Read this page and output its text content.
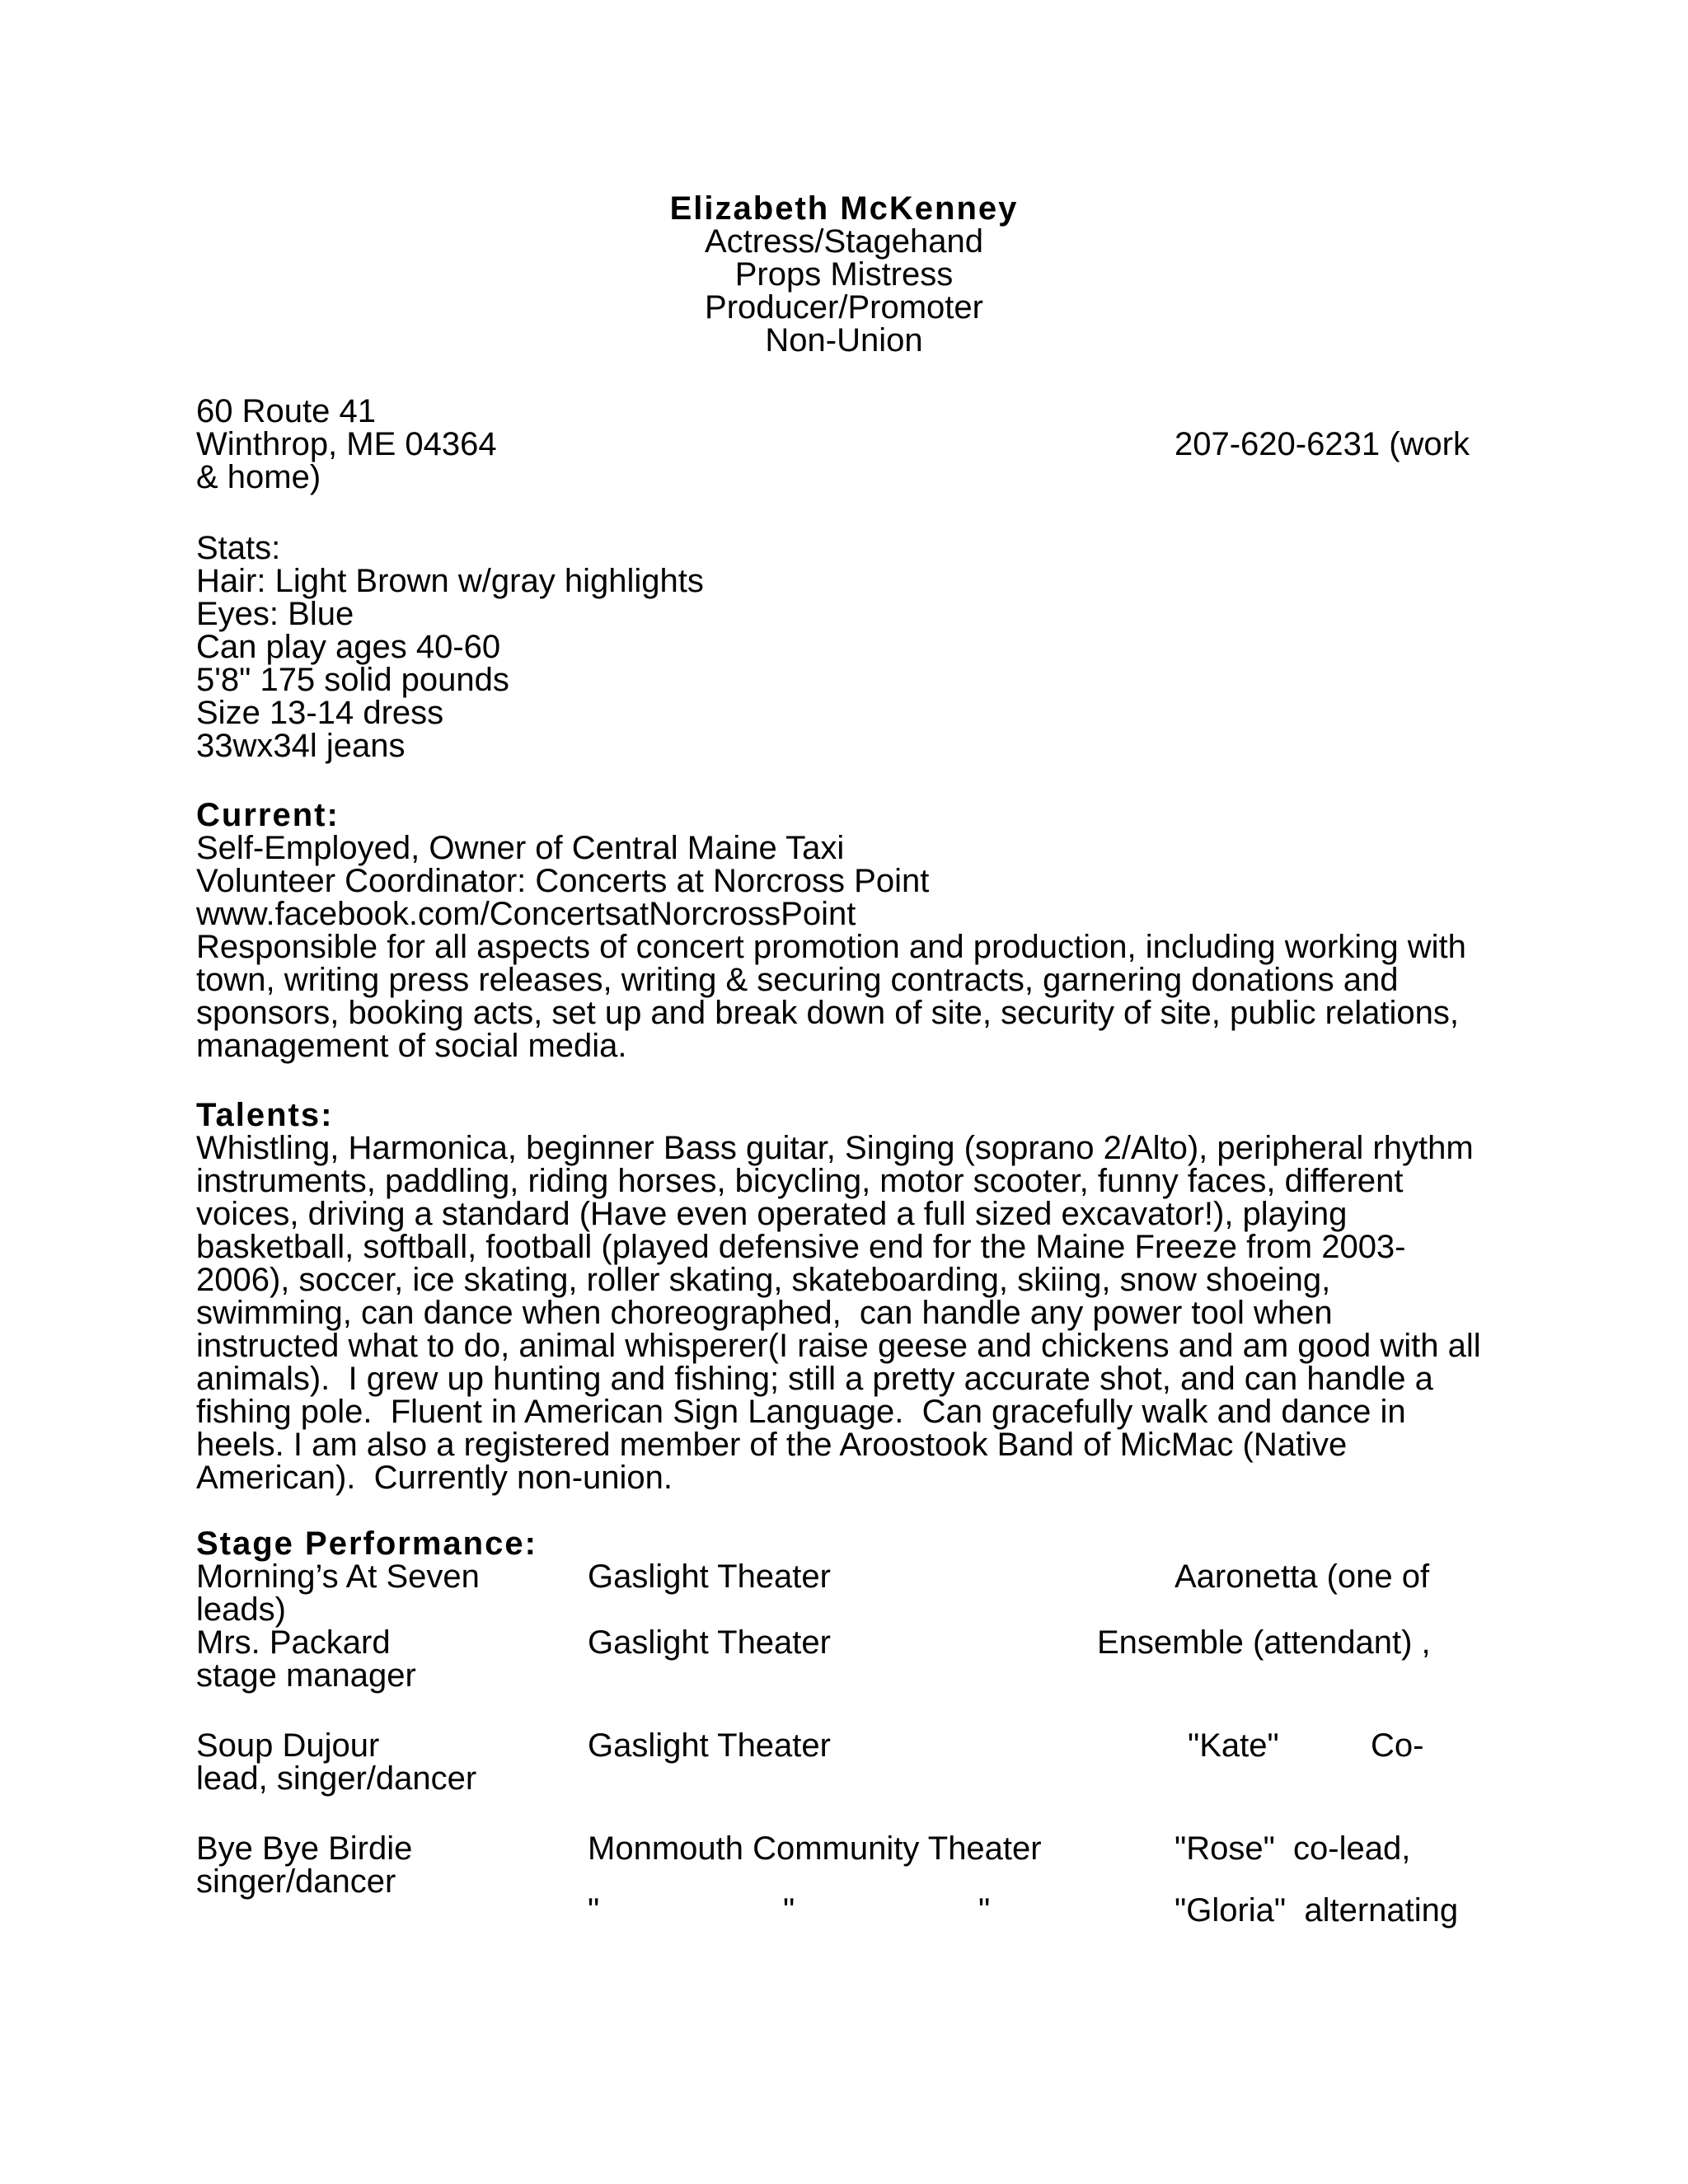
Elizabeth McKenney
Actress/Stagehand
Props Mistress
Producer/Promoter
Non-Union
60 Route 41
Winthrop, ME 04364	207-620-6231 (work
& home)
Stats:
Hair: Light Brown w/gray highlights
Eyes: Blue
Can play ages 40-60
5'8" 175 solid pounds
Size 13-14 dress
33wx34l jeans
Current:
Self-Employed, Owner of Central Maine Taxi
Volunteer Coordinator: Concerts at Norcross Point
www.facebook.com/ConcertsatNorcrossPoint
Responsible for all aspects of concert promotion and production, including working with
town, writing press releases, writing & securing contracts, garnering donations and
sponsors, booking acts, set up and break down of site, security of site, public relations,
management of social media.
Talents:
Whistling, Harmonica, beginner Bass guitar, Singing (soprano 2/Alto), peripheral rhythm
instruments, paddling, riding horses, bicycling, motor scooter, funny faces, different
voices, driving a standard (Have even operated a full sized excavator!), playing
basketball, softball, football (played defensive end for the Maine Freeze from 2003-
2006), soccer, ice skating, roller skating, skateboarding, skiing, snow shoeing,
swimming, can dance when choreographed,  can handle any power tool when
instructed what to do, animal whisperer(I raise geese and chickens and am good with all
animals).  I grew up hunting and fishing; still a pretty accurate shot, and can handle a
fishing pole.  Fluent in American Sign Language.  Can gracefully walk and dance in
heels. I am also a registered member of the Aroostook Band of MicMac (Native
American).  Currently non-union.
Stage Performance:
Morning’s At Seven	Gaslight Theater	Aaronetta (one of
leads)
Mrs. Packard	Gaslight Theater	Ensemble (attendant) ,
stage manager
Soup Dujour	Gaslight Theater	"Kate"	Co-
lead, singer/dancer
Bye Bye Birdie	Monmouth Community Theater	"Rose"  co-lead,
singer/dancer
"	"	"	"Gloria"  alternating
